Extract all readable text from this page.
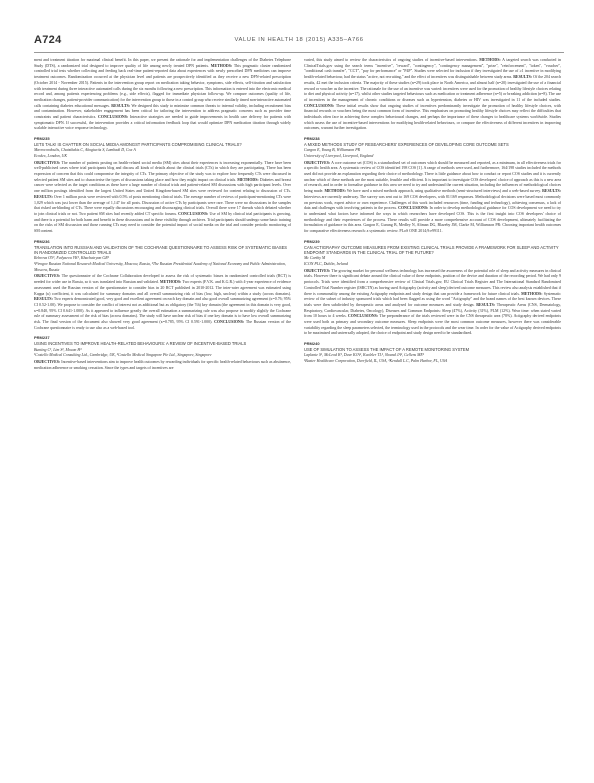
A724	VALUE IN HEALTH 18 (2015) A335–A766

ment and treatment titration for maximal clinical benefit. In this paper, we present the rationale for and implementation challenges of the Diabetes Telephone Study (DTS), a randomized trial designed to improve quality of life among newly treated DPN patients. METHODS: This pragmatic cluster randomized controlled trial tests whether collecting and feeding back real-time patient-reported data about experiences with newly prescribed DPN medicines can improve treatment outcomes. Randomization occurred at the physician level and patients are prospectively identified as they receive a new DPN-related prescription (October 2014 - November 2015). Patients in the intervention group report on medication taking behavior, symptoms, side effects, self-titration and satisfaction with treatment during three interactive automated calls during the six months following a new prescription. This information is entered into the electronic medical record and, among patients experiencing problems (e.g., side effects), flagged for immediate physician follow-up. We compare outcomes (quality of life, medication changes, patient-provider communication) for the intervention group to those in a control group who receive similarly timed non-interactive automated calls containing diabetes educational messages. RESULTS: We designed this study to minimize common threats to internal validity, including recruitment bias and contamination. However, stakeholder engagement has been critical for tailoring the intervention to address pragmatic concerns such as provider time constraints and patient characteristics. CONCLUSIONS: Interactive strategies are needed to guide improvements in health care delivery for patients with symptomatic DPN. If successful, the intervention provides a critical information feedback loop that would optimize DPN medication titration through widely scalable interactive voice response technology.

PRM235

LETS TALK! IS CHATTER ON SOCIAL MEDIA AMONGST PARTICIPANTS COMPROMISING CLINICAL TRIALS?

Mavrocordoulis, Chatzikakis C, Akogiurtis S, Lambadi D, Cox A

Ecodex, London, UK

OBJECTIVES: The number of patients posting on health-related social media (SM) sites about their experiences is increasing exponentially. There have been well-publicised cases where trial participants blog and discuss all kinds of details about the clinical trials (CTs) in which they are participating. There has been expression of concern that this could compromise the integrity of CTs. The primary objective of the study was to explore how frequently CTs were discussed in selected patient SM sites and to characterise the types of discussions taking place and how they might impact on clinical trials. METHODS: Diabetes and breast cancer were selected as the target conditions as these have a large number of clinical trials and patient-related SM discussions with high participant levels. Over one million postings identified from the largest United States and United Kingdom-based SM sites were reviewed for content relating to discussion of CTs. RESULTS: Over 1 million posts were reviewed with 0.5% of posts mentioning clinical trials. The average number of reviews of participant-mentioning CTs were 1,029 which was just lower than the average of 1,147 for all posts. Discussion of active CTs by participants were rare. There were no discussions in the samples that risked un-blinding of CTs. There were equally discussions encouraging and discouraging clinical trials. Overall there were 17 threads which debated whether to join clinical trials or not. Two patient SM sites had recently added CT specific forums. CONCLUSIONS: Use of SM by clinical trial participants is growing, and there is a potential for both harm and benefit in these discussions and in these visibility through archives. Trial participants should undergo some basic training on the risks of SM discussion and those running CTs may need to consider the potential impact of social media on the trial and consider periodic monitoring of SM content.

PRM236

TRANSLATION INTO RUSSIAN AND VALIDATION OF THE COCHRANE QUESTIONNAIRE TO ASSESS RISK OF SYSTEMATIC BIASES IN RANDOMIZED CONTROLLED TRIALS

Rebrova OY¹, Fedyaeva VK², Khachatryan GR²

¹Pirogov Russian National Research Medical University, Moscow, Russia, ²The Russian Presidential Academy of National Economy and Public Administration, Moscow, Russia

OBJECTIVES: The questionnaire of the Cochrane Collaboration developed to assess the risk of systematic biases in randomized controlled trials (RCT) is needed for wider use in Russia, so it was translated into Russian and validated. METHODS: Two experts (F.V.K. and K.G.R.) with 4-year experience of evidence assessment used the Russian version of the questionnaire to consider bias in 20 RCT published in 2010-2012. The inter-rater agreement was estimated using Kappa (κ) coefficient, it was calculated for summary domains and all overall summarizing risk of bias (low, high, unclear) within a study (across domains). RESULTS: Two experts demonstrated good, very good and excellent agreement on each key domain and also good overall summarizing agreement (κ=0.76; 95% CI 0.52-1.00). We propose to consider the conflict of interest not as additional but as obligatory (the 7th) key domain (the agreement in this domain is very good, κ=0.840, 95% CI 0.641-1.000). As it appeared to influence greatly the overall estimation a summarizing rule was also propose to modify slightly the Cochrane rule of summary assessment of the risk of bias (across domains). The study will have unclear risk of bias if one key domain is to have low overall summarizing risk. The final version of the document also showed very good agreement (κ=0.785, 95% CI 0.591-1.000). CONCLUSIONS: The Russian version of the Cochrane questionnaire is ready to use also as a web-based tool.

PRM237

USING INCENTIVES TO IMPROVE HEALTH-RELATED BEHAVIOURS: A REVIEW OF INCENTIVE-BASED TRIALS

Bunting C¹, Lim S², Mocan H³

¹Costello Medical Consulting Ltd., Cambridge, UK, ²Costello Medical Singapore Pte Ltd., Singapore, Singapore

OBJECTIVES: Incentive-based interventions aim to improve health outcomes by rewarding individuals for specific health-related behaviours such as abstinence, medication adherence or smoking cessation. Since the types and targets of incentives are

varied, this study aimed to review the characteristics of ongoing studies of incentive-based interventions. METHODS: A targeted search was conducted in ClinicalTrials.gov using the search terms "incentive", "reward", "contingency", "contingency management", "prize", "reinforcement", "token", "voucher", "conditional cash transfer", "CCT", "pay for performance" or "P4P". Studies were selected for inclusion if they investigated the use of ≥1 incentive in modifying health-related behaviour, had the status "active, not recruiting," and the effect of incentives was distinguishable between study arms. RESULTS: Of the 204 search results, 42 met the inclusion criteria. The majority of these studies (n=29) took place in North America, and almost half (n=20) investigated the use of a financial reward or voucher as the incentive. The rationale for the use of an incentive was varied: incentives were used for the promotion of healthy lifestyle choices relating to diet and physical activity (n=17), whilst other studies targeted behaviours such as medication or treatment adherence (n=5) or breaking addiction (n=8). The use of incentives in the management of chronic conditions or diseases such as hypertension, diabetes or HIV was investigated in 11 of the included studies. CONCLUSIONS: These initial results show that ongoing studies of incentives predominantly investigate the promotion of healthy lifestyle choices, with financial rewards or vouchers being the most common form of incentive. This emphasises on promoting healthy lifestyle choices may reflect the difficulties that individuals often face in achieving these complex behavioural changes, and perhaps the importance of these changes to healthcare systems worldwide. Studies which assess the use of incentive-based interventions for modifying health-related behaviours, or compare the effectiveness of different incentives in improving outcomes, warrant further investigation.

PRM238

A MIXED METHODS STUDY OF RESEARCHERS' EXPERIENCES OF DEVELOPING CORE OUTCOME SETS

Gargon E, Young B, Williamson PR

University of Liverpool, Liverpool, England

OBJECTIVES: A core outcome set (COS) is a standardised set of outcomes which should be measured and reported, as a minimum, in all effectiveness trials for a specific health area. A systematic review of COS identified 198 COS [1]. A range of methods were used, and furthermore, 164/198 studies included the methods used did not provide an explanation regarding their choice of methodology. There is little guidance about how to conduct or report COS studies and it is currently unclear which of these methods are the most suitable, feasible and efficient. It is important to investigate COS developers' choice of approach as this is a new area of research, and in order to formalise guidance in this area we need to try and understand the current situation, including the influences of methodological choices being made. METHODS: We have used a mixed methods approach, using qualitative methods (semi-structured interviews) and a web-based survey. RESULTS: Interviews are currently underway. The survey was sent out to 169 COS developers, with 81/169 responses. Methodological decisions were based most commonly on previous work, expert advice or own experience. Challenges of this work included resources (time, funding and technology), achieving consensus, a lack of data and challenges with involving patients in the process. CONCLUSIONS: In order to develop methodological guidance for COS development we need to try to understand what factors have informed the ways in which researchers have developed COS. This is the first insight into COS developers' choice of methodology and their experiences of the process. These results will provide a more comprehensive account of COS development, ultimately facilitating the formulation of guidance in this area. Gargon E, Gurung B, Medley N, Altman DG, Blazeby JM, Clarke M, Williamson PR: Choosing important health outcomes for comparative effectiveness research: a systematic review. PLoS ONE 2014;9:e99111.

PRM239

CAN ACTIGRAPHY OUTCOME MEASURES FROM EXISTING CLINICAL TRIALS PROVIDE A FRAMEWORK FOR SLEEP AND ACTIVITY ENDPOINT STANDARDS IN THE CLINICAL TRIAL OF THE FUTURE?

Mc Carthy M

ICON PLC, Dublin, Ireland

OBJECTIVES: The growing market for personal wellness technology has increased the awareness of the potential role of sleep and activity measures in clinical trials. However there is significant debate around the clinical value of these endpoints, position of the device and duration of the recording period. We had only 9 protocols. Trials were identified from a comprehensive review of Clinical Trials.gov, EU Clinical Trials Register and The International Standard Randomised Controlled Trial Number register (ISRCTN) as having used Actigraphy (activity and sleep) derived outcome measures. This review also analysis established that if there is commonality among the existing Actigraphy endpoints and study design that can provide a framework for future clinical trials. METHODS: Systematic review of the subset of industry sponsored trials which had been flagged as using the word "Actigraphy" and the brand names of the best known devices. These trials were then subdivided by therapeutic areas and analysed for outcome measures and study design. RESULTS: Therapeutic Areas (CNS, Dermatology, Respiratory, Cardiovascular, Diabetes, Oncology), Diseases and Common Endpoints: Sleep (47%), Activity (31%), PLM (12%). Wear time: when stated varied from 10 hours to 4 weeks. CONCLUSIONS: The preponderance of the trials reviewed were in the CNS therapeutic area (78%). Actigraphy derived endpoints were used both as primary and secondary outcome measures. Sleep endpoints were the most common outcome measures, however there was considerable variability regarding the sleep parameters selected, the terminology used in the protocols and the wear time. In order for the value of Actigraphy derived endpoints to be maximised and universally adopted, the choice of endpoint and study design need to be standardized.

PRM240

USE OF SIMULATION TO ASSESS THE IMPACT OF A REMOTE MONITORING SYSTEM

Laplante S¹, McLeod K², Duve KJA², Kuelzler TL², Sloand JA², Gellens ME²

¹Baxter Healthcare Corporation, Deerfield, IL, USA, ²Kendall L.C, Palm Harbor, FL, USA
